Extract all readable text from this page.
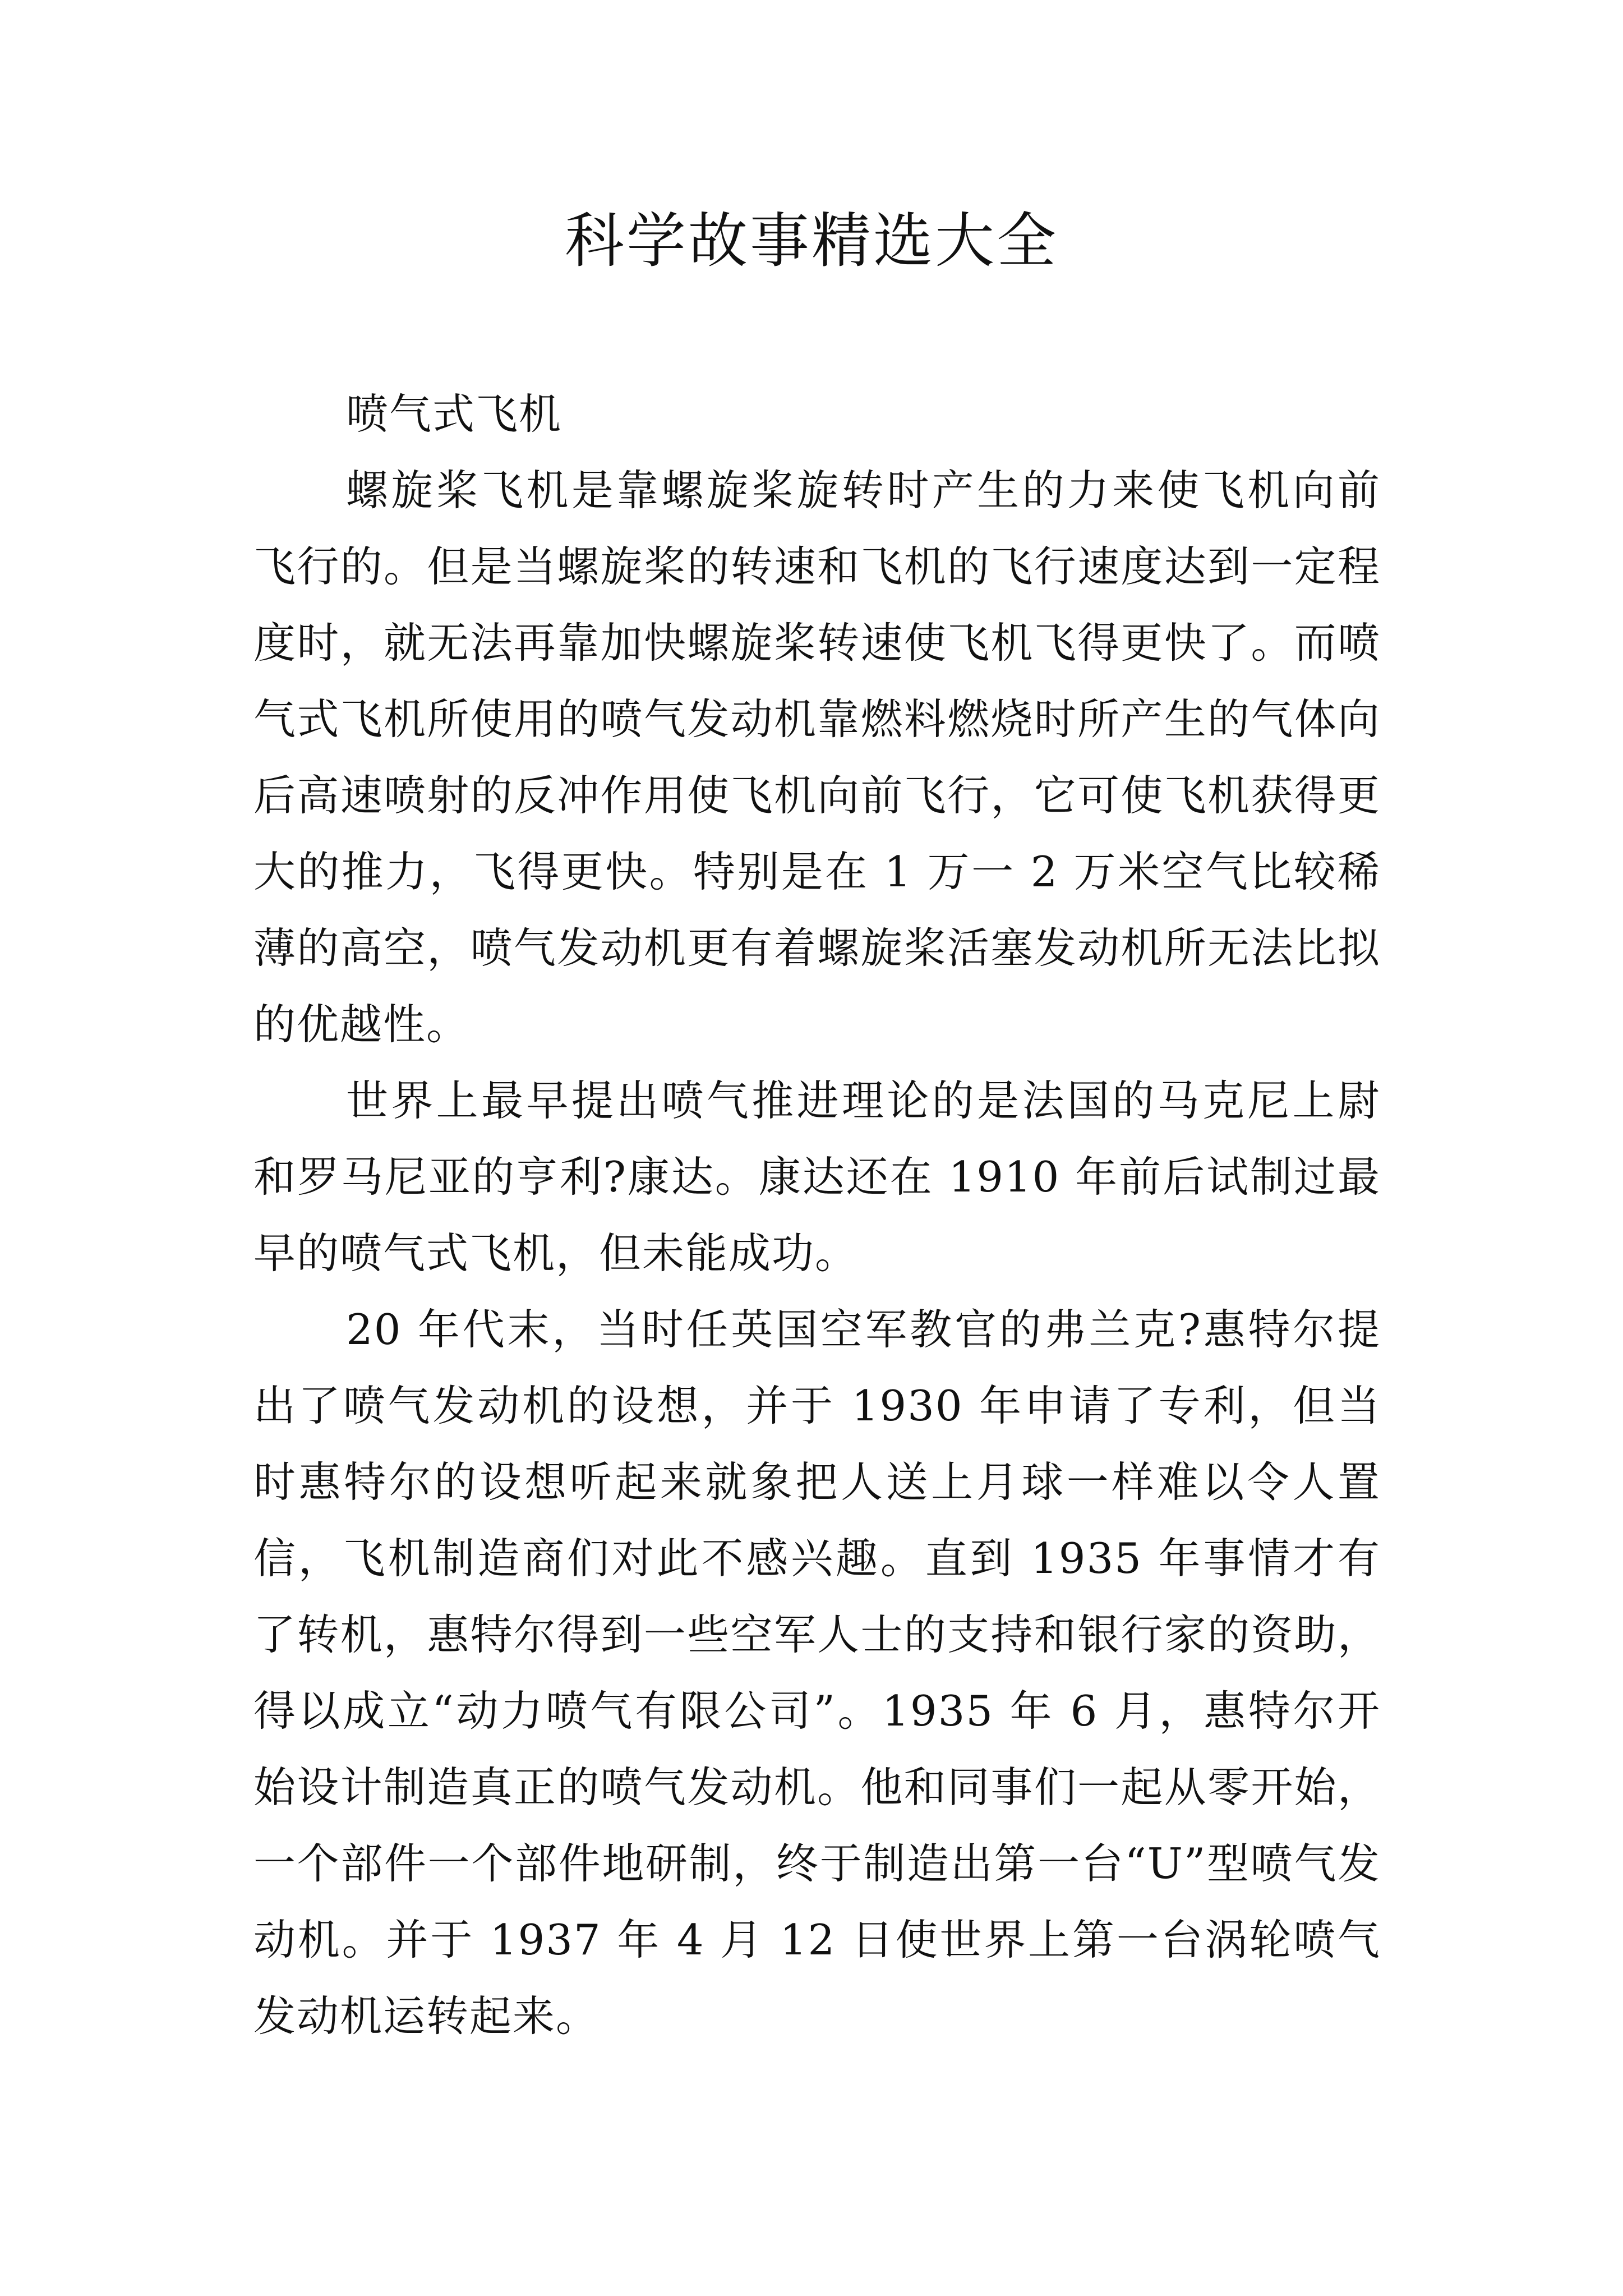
科学故事精选大全

喷气式飞机

螺旋桨飞机是靠螺旋桨旋转时产生的力来使飞机向前飞行的。但是当螺旋桨的转速和飞机的飞行速度达到一定程度时，就无法再靠加快螺旋桨转速使飞机飞得更快了。而喷气式飞机所使用的喷气发动机靠燃料燃烧时所产生的气体向后高速喷射的反冲作用使飞机向前飞行，它可使飞机获得更大的推力，飞得更快。特别是在 1 万一 2 万米空气比较稀薄的高空，喷气发动机更有着螺旋桨活塞发动机所无法比拟的优越性。

世界上最早提出喷气推进理论的是法国的马克尼上尉和罗马尼亚的亨利?康达。康达还在 1910 年前后试制过最早的喷气式飞机，但未能成功。

20 年代末，当时任英国空军教官的弗兰克?惠特尔提出了喷气发动机的设想，并于 1930 年申请了专利，但当时惠特尔的设想听起来就象把人送上月球一样难以令人置信，飞机制造商们对此不感兴趣。直到 1935 年事情才有了转机，惠特尔得到一些空军人士的支持和银行家的资助，得以成立“动力喷气有限公司”。1935 年 6 月，惠特尔开始设计制造真正的喷气发动机。他和同事们一起从零开始，一个部件一个部件地研制，终于制造出第一台“U”型喷气发动机。并于 1937 年 4 月 12 日使世界上第一台涡轮喷气发动机运转起来。
